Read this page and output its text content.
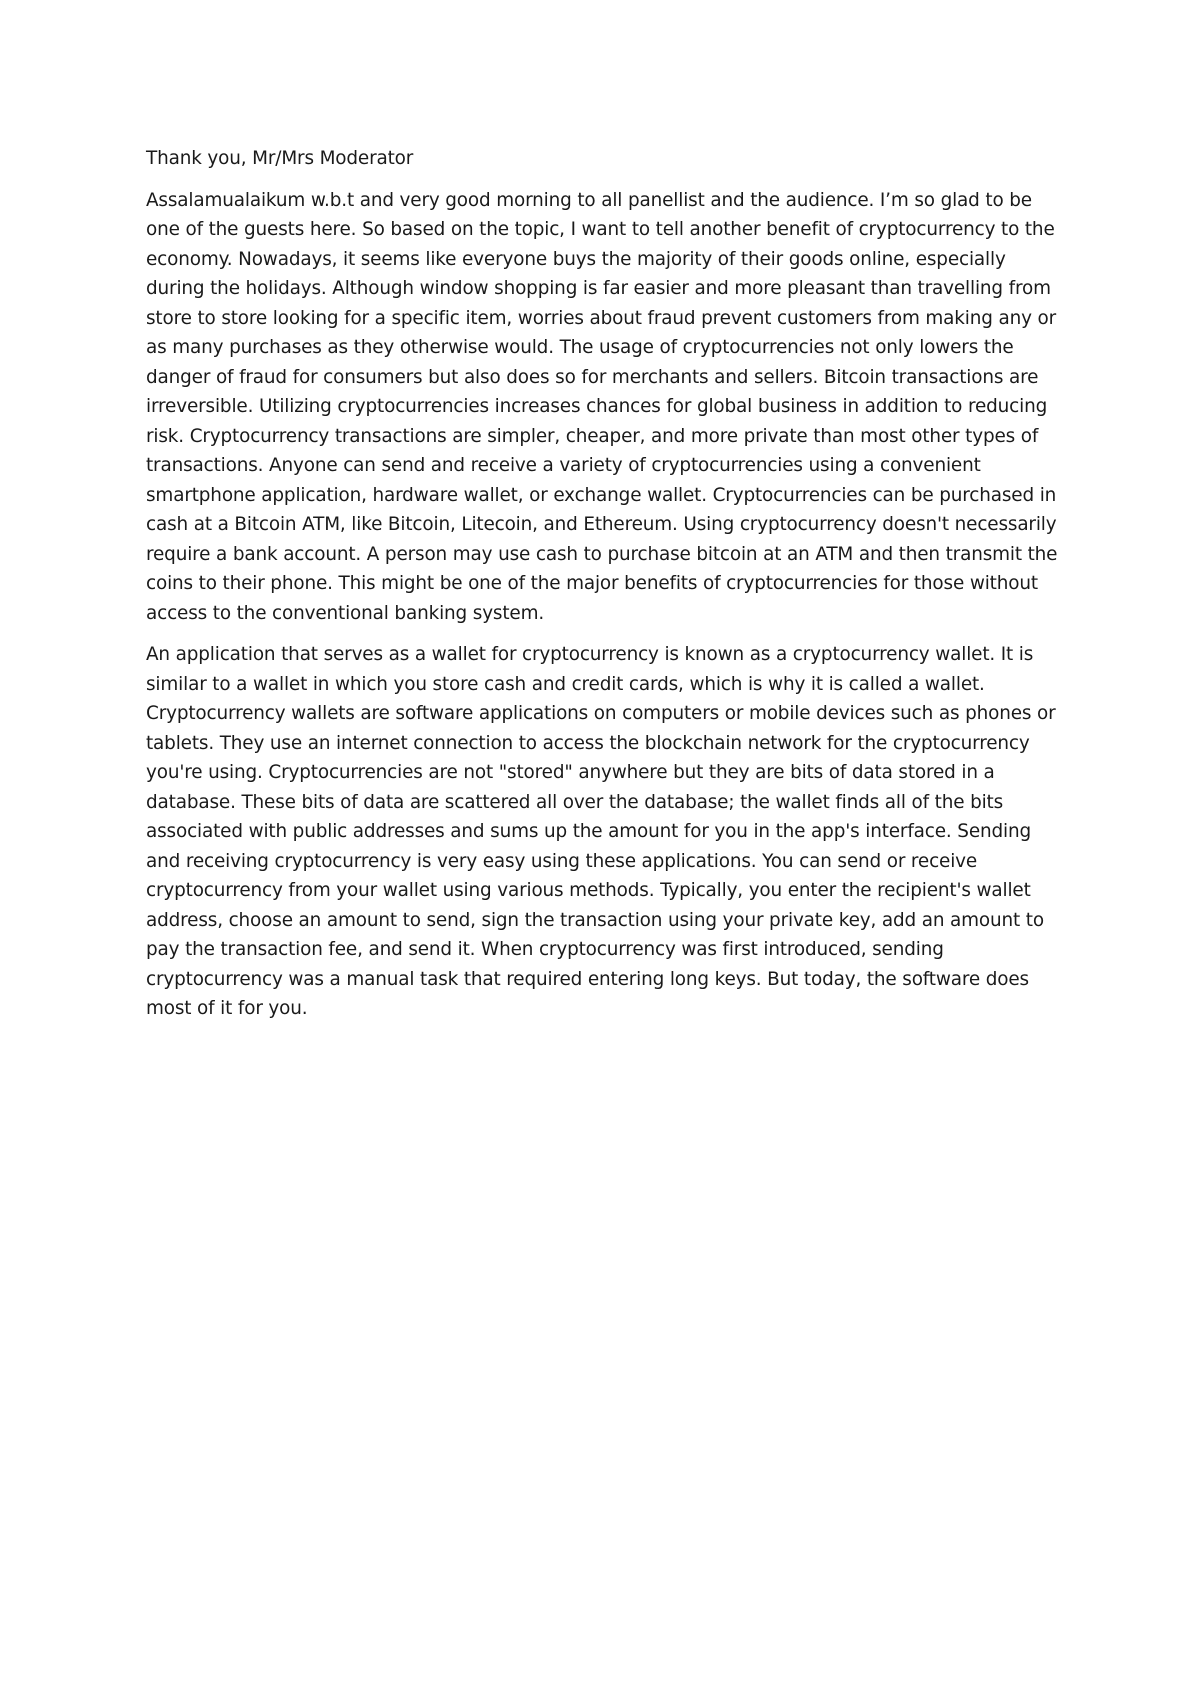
Thank you, Mr/Mrs Moderator

Assalamualaikum w.b.t and very good morning to all panellist and the audience. I’m so glad to be one of the guests here. So based on the topic, I want to tell another benefit of cryptocurrency to the economy. Nowadays, it seems like everyone buys the majority of their goods online, especially during the holidays. Although window shopping is far easier and more pleasant than travelling from store to store looking for a specific item, worries about fraud prevent customers from making any or as many purchases as they otherwise would. The usage of cryptocurrencies not only lowers the danger of fraud for consumers but also does so for merchants and sellers. Bitcoin transactions are irreversible. Utilizing cryptocurrencies increases chances for global business in addition to reducing risk. Cryptocurrency transactions are simpler, cheaper, and more private than most other types of transactions. Anyone can send and receive a variety of cryptocurrencies using a convenient smartphone application, hardware wallet, or exchange wallet. Cryptocurrencies can be purchased in cash at a Bitcoin ATM, like Bitcoin, Litecoin, and Ethereum. Using cryptocurrency doesn't necessarily require a bank account. A person may use cash to purchase bitcoin at an ATM and then transmit the coins to their phone. This might be one of the major benefits of cryptocurrencies for those without access to the conventional banking system.

An application that serves as a wallet for cryptocurrency is known as a cryptocurrency wallet. It is similar to a wallet in which you store cash and credit cards, which is why it is called a wallet. Cryptocurrency wallets are software applications on computers or mobile devices such as phones or tablets. They use an internet connection to access the blockchain network for the cryptocurrency you're using. Cryptocurrencies are not "stored" anywhere but they are bits of data stored in a database. These bits of data are scattered all over the database; the wallet finds all of the bits associated with public addresses and sums up the amount for you in the app's interface. Sending and receiving cryptocurrency is very easy using these applications. You can send or receive cryptocurrency from your wallet using various methods. Typically, you enter the recipient's wallet address, choose an amount to send, sign the transaction using your private key, add an amount to pay the transaction fee, and send it. When cryptocurrency was first introduced, sending cryptocurrency was a manual task that required entering long keys. But today, the software does most of it for you.
